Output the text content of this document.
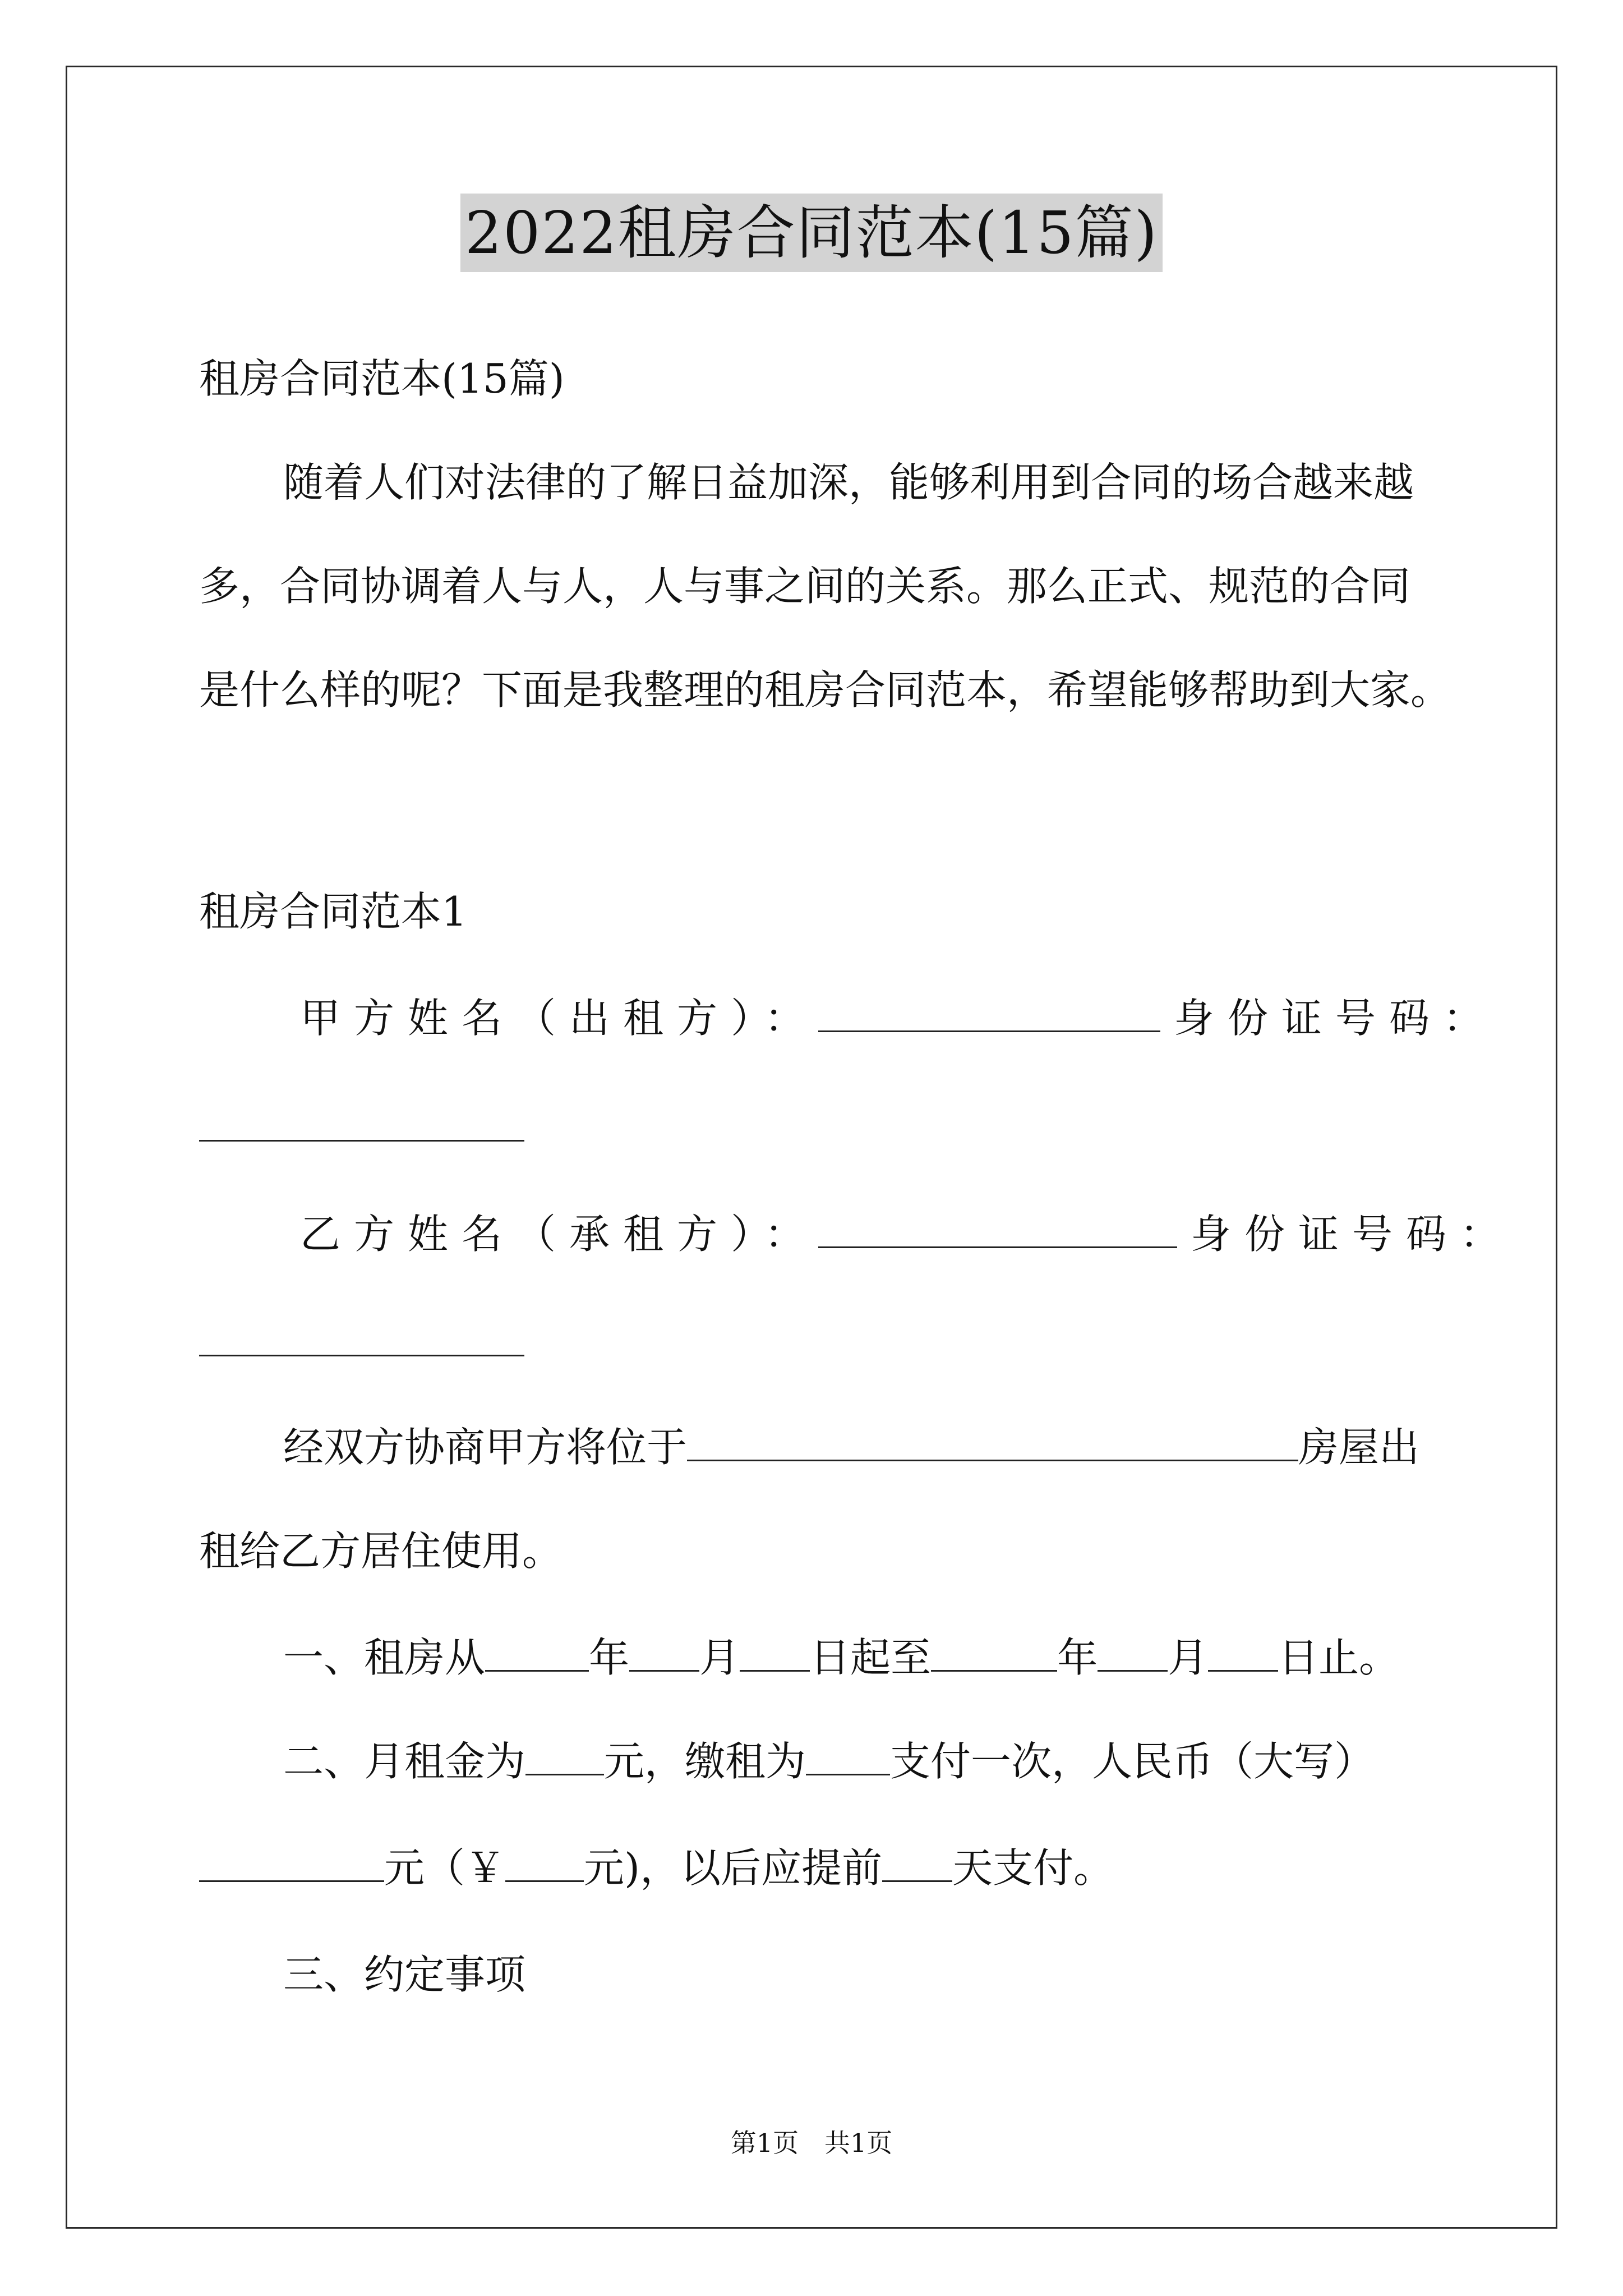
2022租房合同范本(15篇)
租房合同范本(15篇)
随着人们对法律的了解日益加深，能够利用到合同的场合越来越
多，合同协调着人与人，人与事之间的关系。那么正式、规范的合同
是什么样的呢？下面是我整理的租房合同范本，希望能够帮助到大家。
租房合同范本1
甲方姓名（出租方）：	身份证号码：
乙方姓名（承租方）：	身份证号码：
经双方协商甲方将位于	房屋出
租给乙方居住使用。
一、租房从	年 月 日起至	年 月 日止。
二、月租金为 元，缴租为 支付一次，人民币（大写）
元（￥ 元)，以后应提前 天支付。
三、约定事项
第1页　共1页
